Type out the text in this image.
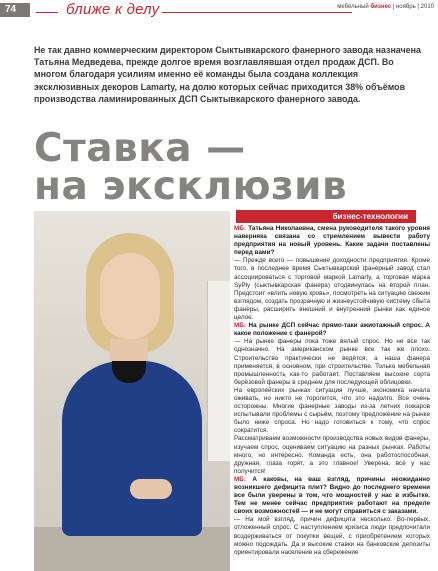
74	ближе к делу	мебельный бизнес | ноябрь | 2010

Не так давно коммерческим директором Сыктывкарского фанерного завода назначена Татьяна Медведева, прежде долгое время возглавлявшая отдел продаж ДСП. Во многом благодаря усилиям именно её команды была создана коллекция эксклюзивных декоров Lamarty, на долю которых сейчас приходится 38% объёмов производства ламинированных ДСП Сыктывкарского фанерного завода.

Ставка —
на эксклюзив
бизнес-технологии

МБ: Татьяна Николаевна, смена руководителя такого уровня наверняка связана со стремлением вывести работу предприятия на новый уровень. Какие задачи поставлены перед вами?

— Прежде всего — повышение доходности предприятия. Кроме того, в последнее время Сыктывкарский фанерный завод стал ассоциироваться с торговой маркой Lamarty, а торговая марка SyPly (сыктывкарская фанера) отодвинулась на второй план. Предстоит «влить новую кровь», посмотреть на ситуацию свежим взглядом, создать прозрачную и жизнеустойчивую систему сбыта фанеры, расширить внешний и внутренний рынки как единое целое.

МБ: На рынке ДСП сейчас прямо-таки ажиотажный спрос. А какое положение с фанерой?

— На рынке фанеры пока тоже вялый спрос. Но не все так однозначно. На американском рынке все так же плохо. Строительство практически не ведётся, а наша фанера применяется, в основном, при строительстве. Только мебельная промышленность как-то работает. Поставляем высокие сорта берёзовой фанеры в среднем для последующей облицовки.

На европейских рынках ситуация лучше, экономика начала оживать, но никто не торопится, что это надолго. Все очень осторожны. Многие фанерные заводы из-за летних пожаров испытывали проблемы с сырьём, поэтому предложение на рынке было ниже спроса. Но надо готовиться к тому, что спрос сократится.

Рассматриваем возможности производства новых видов фанеры, изучаем спрос, оцениваем ситуацию на разных рынках. Работы много, но интересно. Команда есть, она работоспособная, дружная, глаза горят, а это главное! Уверена, всё у нас получится!

МБ: А каковы, на ваш взгляд, причины неожиданно возникшего дефицита плит? Видно до последнего времени все были уверены в том, что мощностей у нас в избытке. Тем не менее сейчас предприятия работают на пределе своих возможностей — и не могут справиться с заказами.

— На мой взгляд, причин дефицита несколько. Во-первых, отложенный спрос. С наступлением кризиса люди предпочитали воздерживаться от покупки вещей, с приобретением которых можно подождать. Да и высокие ставки на банковские депозиты ориентировали население на сбережение
